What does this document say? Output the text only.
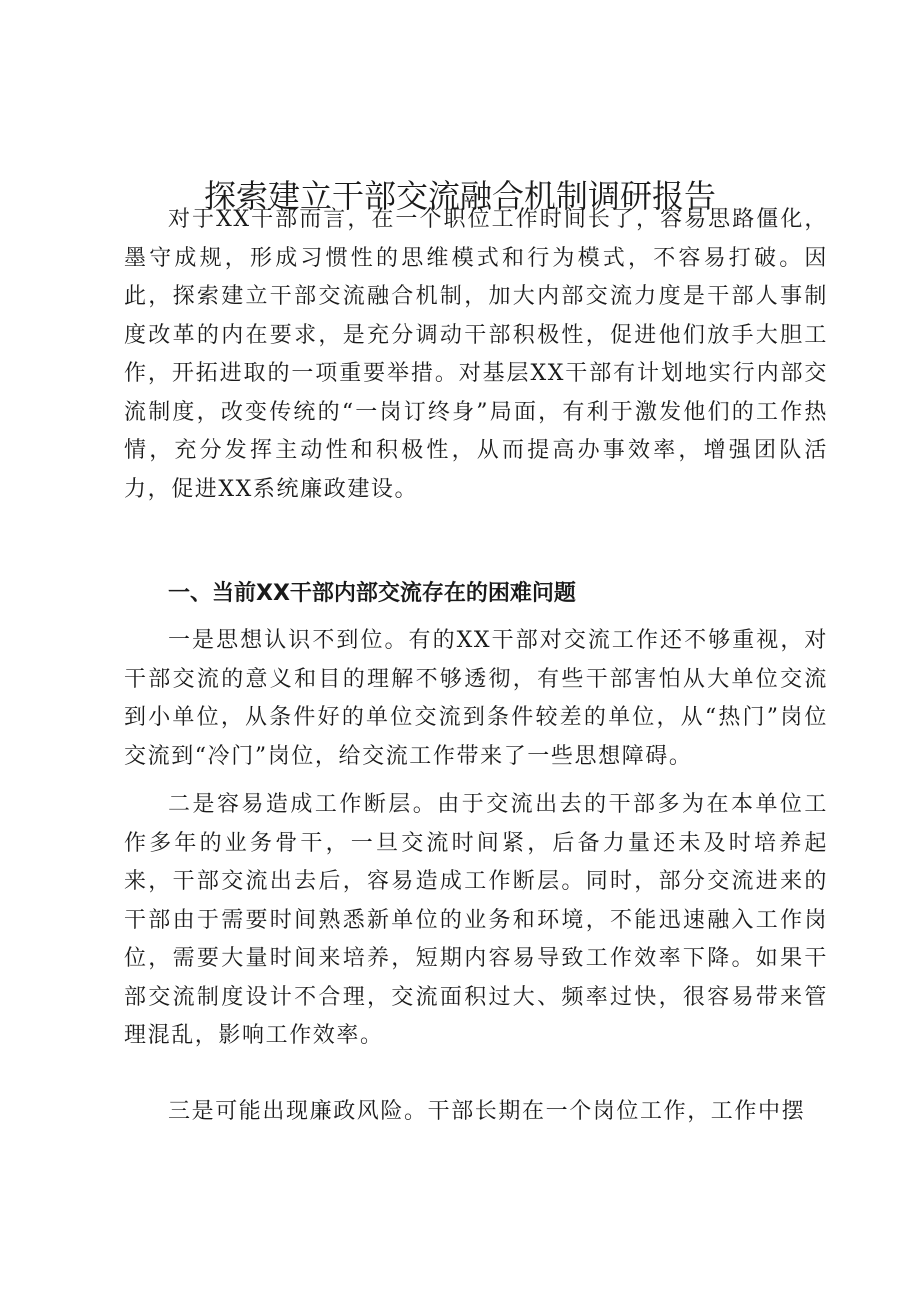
探索建立干部交流融合机制调研报告

对于XX干部而言，在一个职位工作时间长了，容易思路僵化，墨守成规，形成习惯性的思维模式和行为模式，不容易打破。因此，探索建立干部交流融合机制，加大内部交流力度是干部人事制度改革的内在要求，是充分调动干部积极性，促进他们放手大胆工作，开拓进取的一项重要举措。对基层XX干部有计划地实行内部交流制度，改变传统的“一岗订终身”局面，有利于激发他们的工作热情，充分发挥主动性和积极性，从而提高办事效率，增强团队活力，促进XX系统廉政建设。

一、当前XX干部内部交流存在的困难问题

一是思想认识不到位。有的XX干部对交流工作还不够重视，对干部交流的意义和目的理解不够透彻，有些干部害怕从大单位交流到小单位，从条件好的单位交流到条件较差的单位，从“热门”岗位交流到“冷门”岗位，给交流工作带来了一些思想障碍。

二是容易造成工作断层。由于交流出去的干部多为在本单位工作多年的业务骨干，一旦交流时间紧，后备力量还未及时培养起来，干部交流出去后，容易造成工作断层。同时，部分交流进来的干部由于需要时间熟悉新单位的业务和环境，不能迅速融入工作岗位，需要大量时间来培养，短期内容易导致工作效率下降。如果干部交流制度设计不合理，交流面积过大、频率过快，很容易带来管理混乱，影响工作效率。

三是可能出现廉政风险。干部长期在一个岗位工作，工作中摆
